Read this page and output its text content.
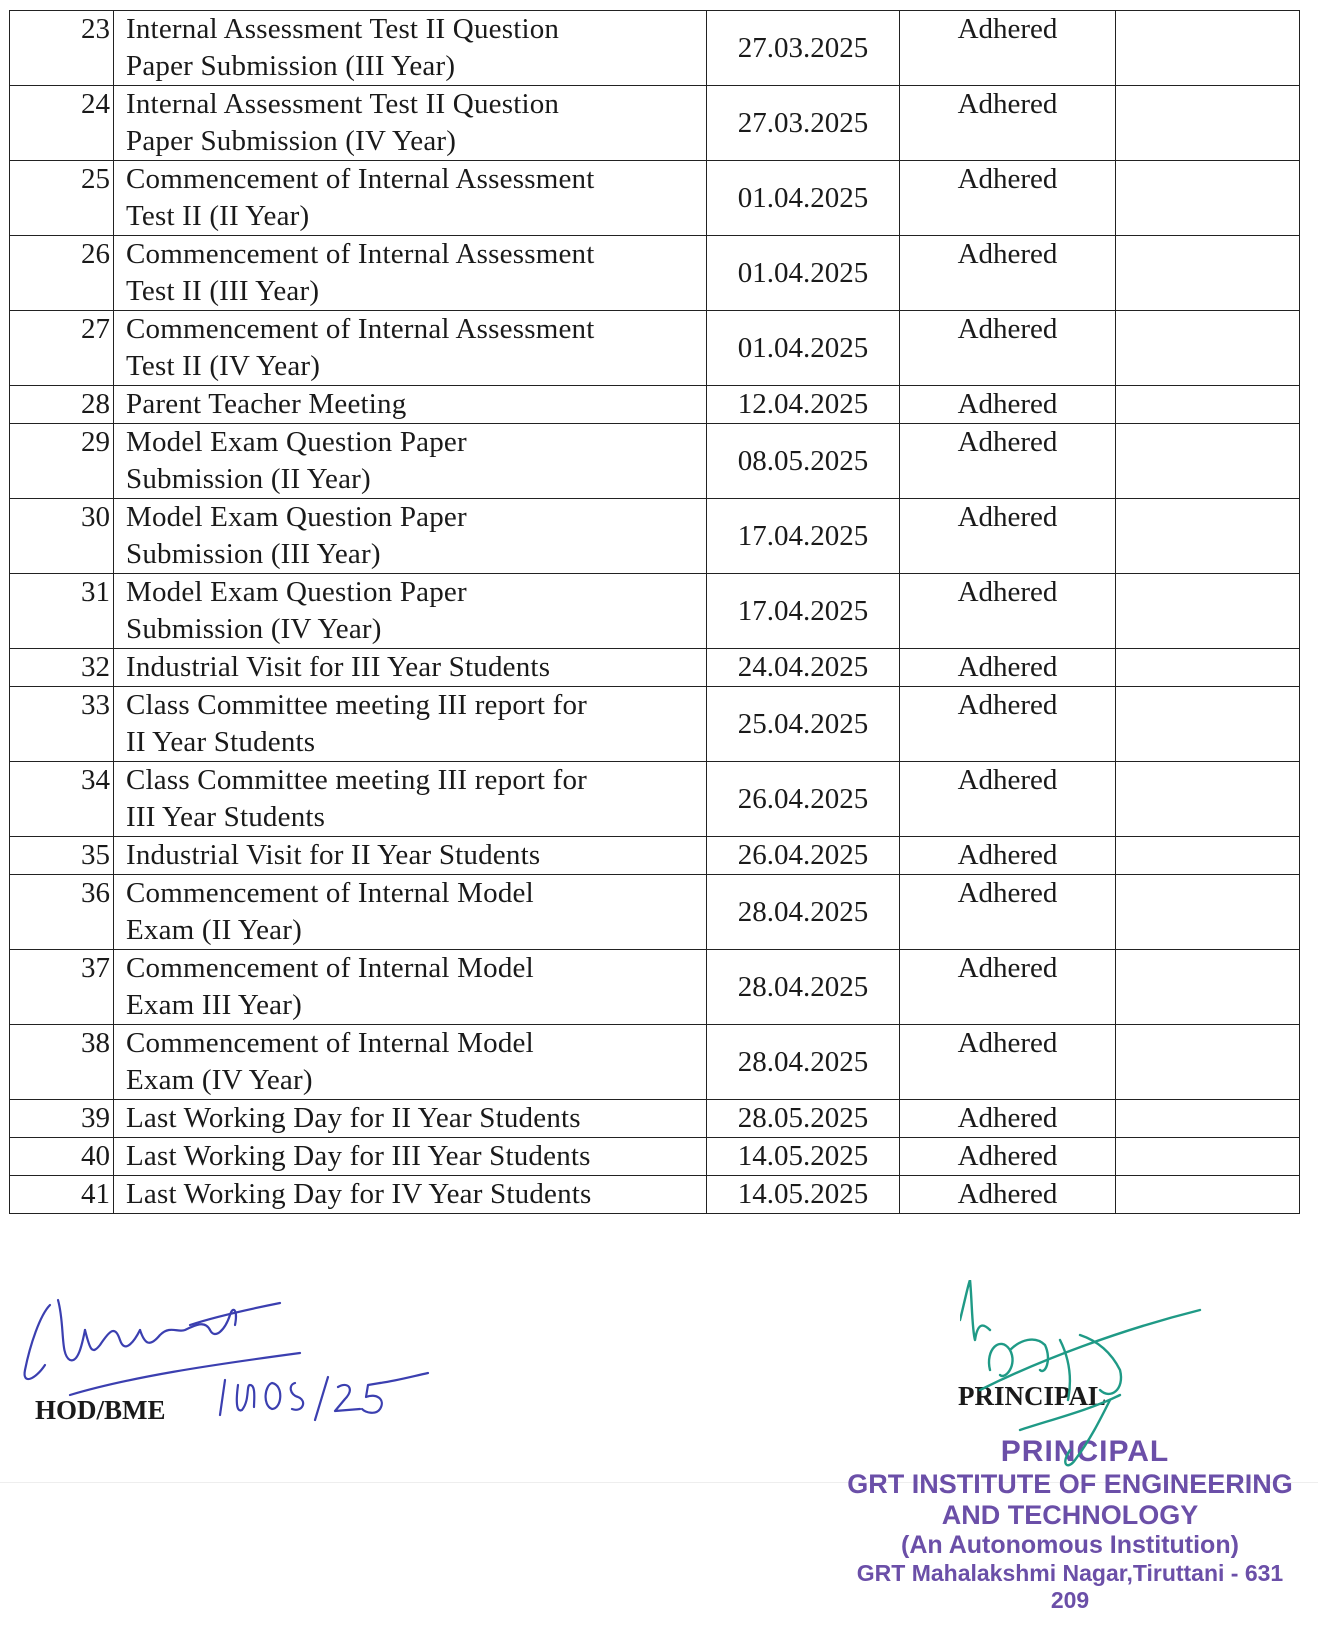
23	Internal Assessment Test II Question
Paper Submission (III Year)	27.03.2025	Adhered	
24	Internal Assessment Test II Question
Paper Submission (IV Year)	27.03.2025	Adhered	
25	Commencement of Internal Assessment
Test II (II Year)	01.04.2025	Adhered	
26	Commencement of Internal Assessment
Test II (III Year)	01.04.2025	Adhered	
27	Commencement of Internal Assessment
Test II (IV Year)	01.04.2025	Adhered	
28	Parent Teacher Meeting	12.04.2025	Adhered	
29	Model Exam Question Paper
Submission (II Year)	08.05.2025	Adhered	
30	Model Exam Question Paper
Submission (III Year)	17.04.2025	Adhered	
31	Model Exam Question Paper
Submission (IV Year)	17.04.2025	Adhered	
32	Industrial Visit for III Year Students	24.04.2025	Adhered	
33	Class Committee meeting III report for
II Year Students	25.04.2025	Adhered	
34	Class Committee meeting III report for
III Year Students	26.04.2025	Adhered	
35	Industrial Visit for II Year Students	26.04.2025	Adhered	
36	Commencement of Internal Model
Exam (II Year)	28.04.2025	Adhered	
37	Commencement of Internal Model
Exam III Year)	28.04.2025	Adhered	
38	Commencement of Internal Model
Exam (IV Year)	28.04.2025	Adhered	
39	Last Working Day for II Year Students	28.05.2025	Adhered	
40	Last Working Day for III Year Students	14.05.2025	Adhered	
41	Last Working Day for IV Year Students	14.05.2025	Adhered	
HOD/BME
PRINCIPAL
GRT INSTITUTE OF ENGINEERING
AND TECHNOLOGY
(An Autonomous Institution)
GRT Mahalakshmi Nagar,Tiruttani - 631 209
PRINCIPAL
